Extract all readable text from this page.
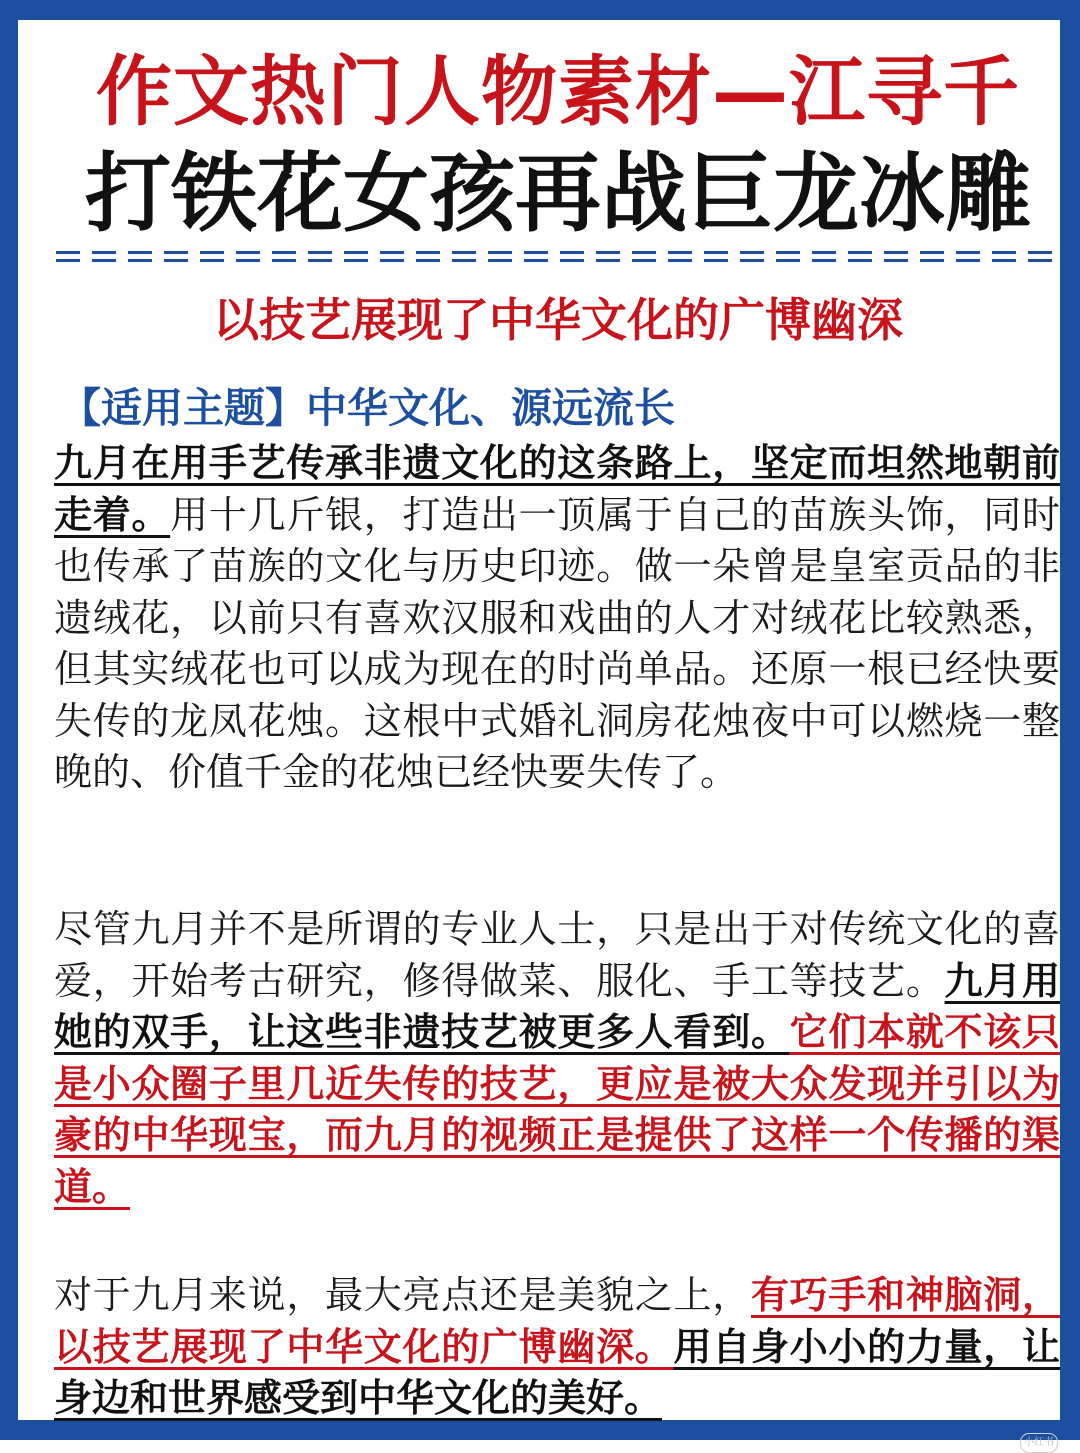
作文热门人物素材—江寻千
打铁花女孩再战巨龙冰雕
以技艺展现了中华文化的广博幽深
【适用主题】中华文化、源远流长
九月在用手艺传承非遗文化的这条路上，坚定而坦然地朝前走着。用十几斤银，打造出一顶属于自己的苗族头饰，同时也传承了苗族的文化与历史印迹。做一朵曾是皇室贡品的非遗绒花，以前只有喜欢汉服和戏曲的人才对绒花比较熟悉，但其实绒花也可以成为现在的时尚单品。还原一根已经快要失传的龙凤花烛。这根中式婚礼洞房花烛夜中可以燃烧一整晚的、价值千金的花烛已经快要失传了。
尽管九月并不是所谓的专业人士，只是出于对传统文化的喜爱，开始考古研究，修得做菜、服化、手工等技艺。九月用她的双手，让这些非遗技艺被更多人看到。它们本就不该只是小众圈子里几近失传的技艺，更应是被大众发现并引以为豪的中华现宝，而九月的视频正是提供了这样一个传播的渠道。
对于九月来说，最大亮点还是美貌之上，有巧手和神脑洞，以技艺展现了中华文化的广博幽深。用自身小小的力量，让身边和世界感受到中华文化的美好。
小红书
